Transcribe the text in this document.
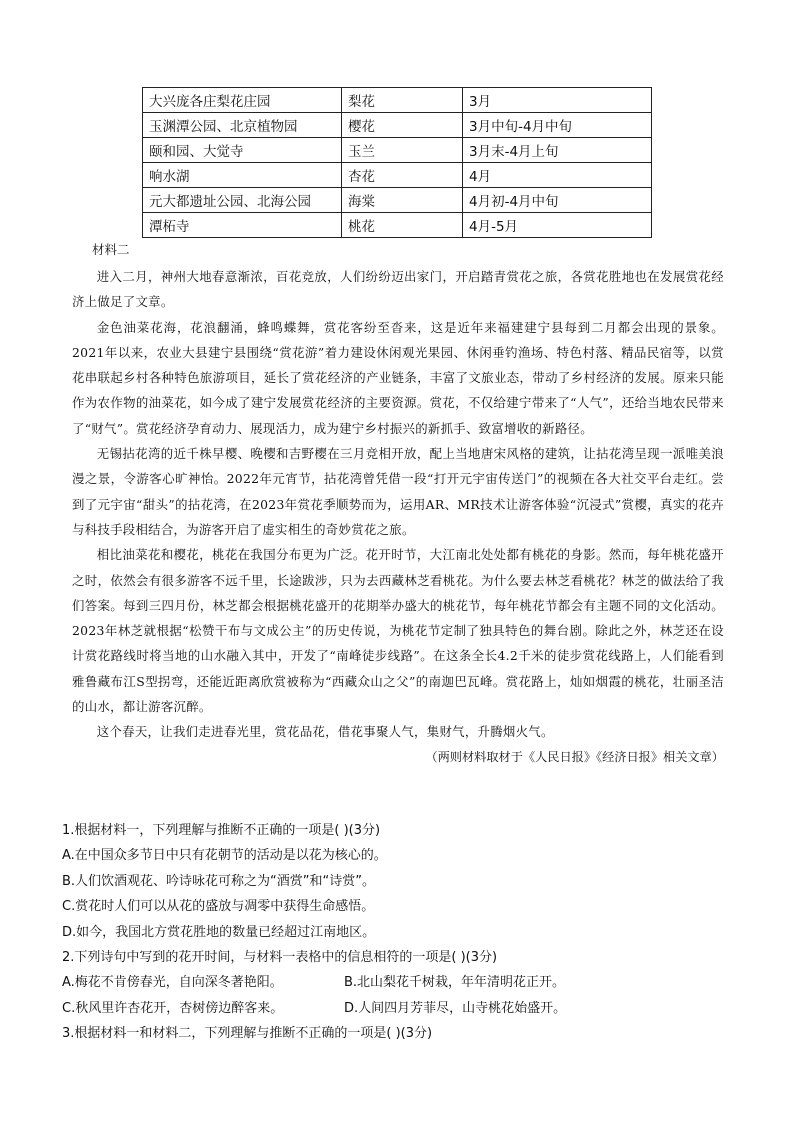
大兴庞各庄梨花庄园	梨花	3月
玉渊潭公园、北京植物园	樱花	3月中旬-4月中旬
颐和园、大觉寺	玉兰	3月末-4月上旬
响水湖	杏花	4月
元大都遗址公园、北海公园	海棠	4月初-4月中旬
潭柘寺	桃花	4月-5月
材料二

进入二月，神州大地春意渐浓，百花竞放，人们纷纷迈出家门，开启踏青赏花之旅，各赏花胜地也在发展赏花经济上做足了文章。

金色油菜花海，花浪翻涌，蜂鸣蝶舞，赏花客纷至沓来，这是近年来福建建宁县每到二月都会出现的景象。2021年以来，农业大县建宁县围绕“赏花游”着力建设休闲观光果园、休闲垂钓渔场、特色村落、精品民宿等，以赏花串联起乡村各种特色旅游项目，延长了赏花经济的产业链条，丰富了文旅业态，带动了乡村经济的发展。原来只能作为农作物的油菜花，如今成了建宁发展赏花经济的主要资源。赏花，不仅给建宁带来了“人气”，还给当地农民带来了“财气”。赏花经济孕育动力、展现活力，成为建宁乡村振兴的新抓手、致富增收的新路径。

无锡拈花湾的近千株早樱、晚樱和吉野樱在三月竞相开放，配上当地唐宋风格的建筑，让拈花湾呈现一派唯美浪漫之景，令游客心旷神怡。2022年元宵节，拈花湾曾凭借一段“打开元宇宙传送门”的视频在各大社交平台走红。尝到了元宇宙“甜头”的拈花湾，在2023年赏花季顺势而为，运用AR、MR技术让游客体验“沉浸式”赏樱，真实的花卉与科技手段相结合，为游客开启了虚实相生的奇妙赏花之旅。

相比油菜花和樱花，桃花在我国分布更为广泛。花开时节，大江南北处处都有桃花的身影。然而，每年桃花盛开之时，依然会有很多游客不远千里，长途跋涉，只为去西藏林芝看桃花。为什么要去林芝看桃花？林芝的做法给了我们答案。每到三四月份，林芝都会根据桃花盛开的花期举办盛大的桃花节，每年桃花节都会有主题不同的文化活动。2023年林芝就根据“松赞干布与文成公主”的历史传说，为桃花节定制了独具特色的舞台剧。除此之外，林芝还在设计赏花路线时将当地的山水融入其中，开发了“南峰徒步线路”。在这条全长4.2千米的徒步赏花线路上，人们能看到雅鲁藏布江S型拐弯，还能近距离欣赏被称为“西藏众山之父”的南迦巴瓦峰。赏花路上，灿如烟霞的桃花，壮丽圣洁的山水，都让游客沉醉。

这个春天，让我们走进春光里，赏花品花，借花事聚人气，集财气，升腾烟火气。

（两则材料取材于《人民日报》《经济日报》相关文章）
1.根据材料一，下列理解与推断不正确的一项是( )(3分)
A.在中国众多节日中只有花朝节的活动是以花为核心的。
B.人们饮酒观花、吟诗咏花可称之为“酒赏”和“诗赏”。
C.赏花时人们可以从花的盛放与凋零中获得生命感悟。
D.如今，我国北方赏花胜地的数量已经超过江南地区。
2.下列诗句中写到的花开时间，与材料一表格中的信息相符的一项是( )(3分)
A.梅花不肯傍春光，自向深冬著艳阳。	B.北山梨花千树栽，年年清明花正开。
C.秋风里许杏花开，杏树傍边醉客来。	D.人间四月芳菲尽，山寺桃花始盛开。
3.根据材料一和材料二，下列理解与推断不正确的一项是( )(3分)
